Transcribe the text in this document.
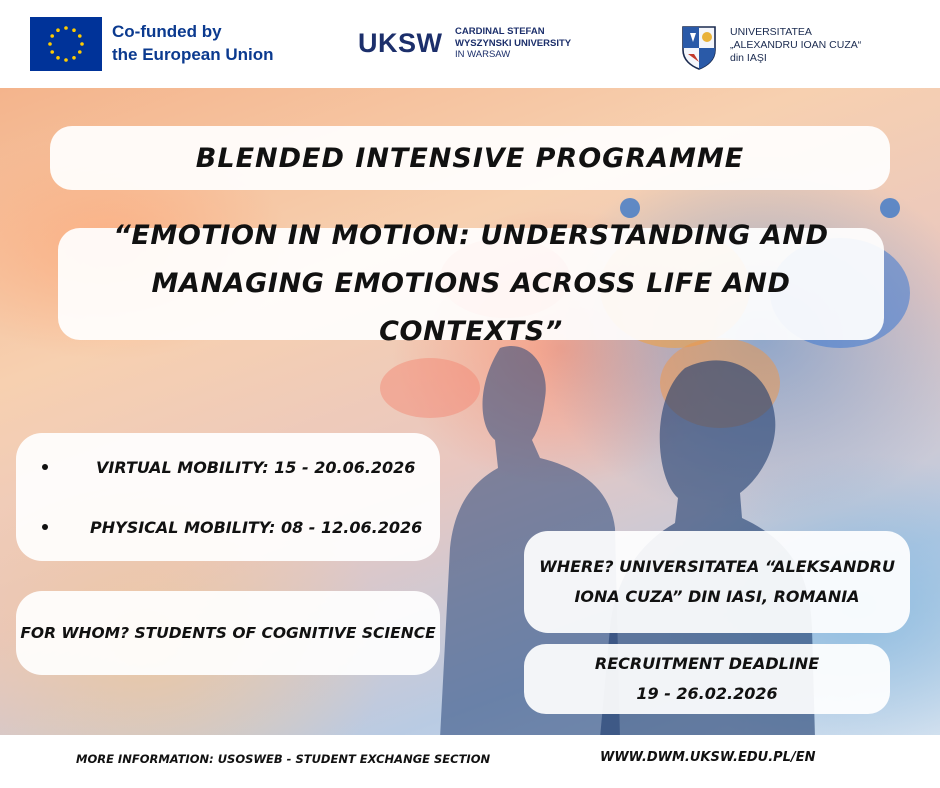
Co-funded by
the European Union	UKSW CARDINAL STEFAN
WYSZYNSKI UNIVERSITY
IN WARSAW
UNIVERSITATEA
„ALEXANDRU IOAN CUZA“
din IAŞI
BLENDED INTENSIVE PROGRAMME
“EMOTION IN MOTION: UNDERSTANDING AND
MANAGING EMOTIONS ACROSS LIFE AND CONTEXTS”
VIRTUAL MOBILITY: 15 - 20.06.2026
PHYSICAL MOBILITY: 08 - 12.06.2026
FOR WHOM? STUDENTS OF COGNITIVE SCIENCE
WHERE? UNIVERSITATEA “ALEKSANDRU
IONA CUZA” DIN IASI, ROMANIA
RECRUITMENT DEADLINE
19 - 26.02.2026
MORE INFORMATION: USOSWEB - STUDENT EXCHANGE SECTION	WWW.DWM.UKSW.EDU.PL/EN
